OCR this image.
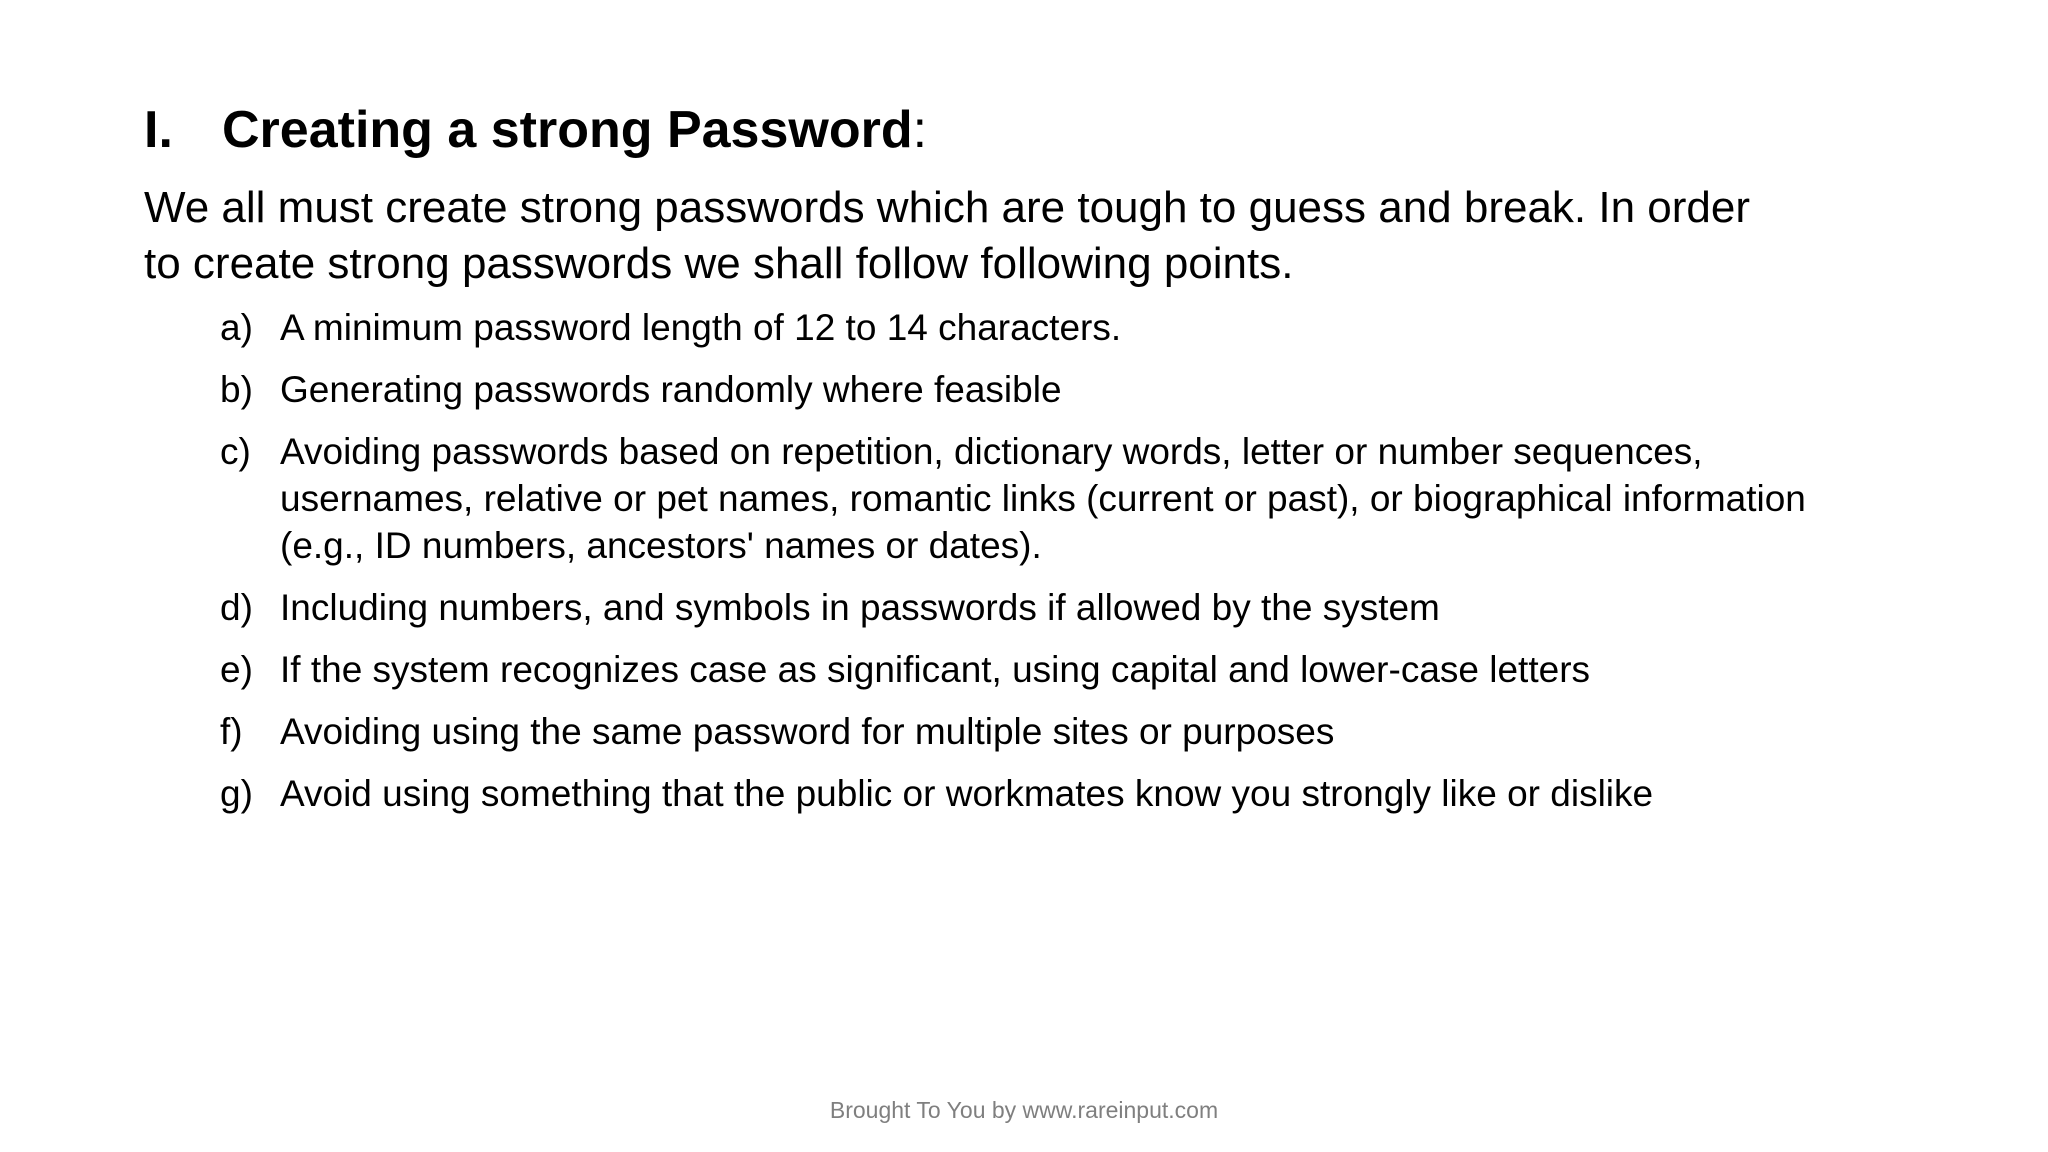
I. Creating a strong Password:
We all must create strong passwords which are tough to guess and break. In order to create strong passwords we shall follow following points.
a) A minimum password length of 12 to 14 characters.
b) Generating passwords randomly where feasible
c) Avoiding passwords based on repetition, dictionary words, letter or number sequences, usernames, relative or pet names, romantic links (current or past), or biographical information (e.g., ID numbers, ancestors' names or dates).
d) Including numbers, and symbols in passwords if allowed by the system
e) If the system recognizes case as significant, using capital and lower-case letters
f) Avoiding using the same password for multiple sites or purposes
g) Avoid using something that the public or workmates know you strongly like or dislike
Brought To You by www.rareinput.com
